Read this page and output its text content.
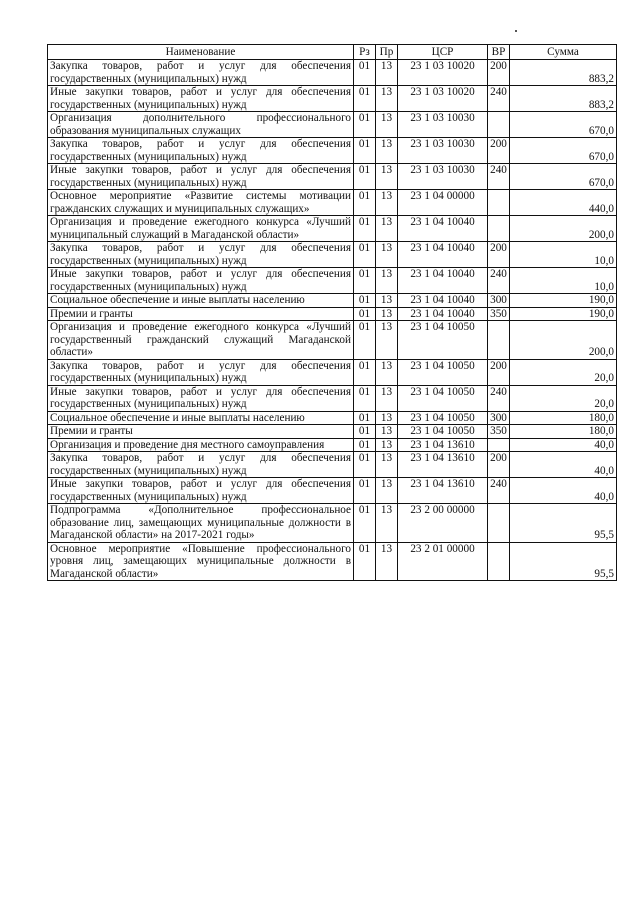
Наименование	Рз	Пр	ЦСР	ВР	Сумма
Закупка товаров, работ и услуг для обеспечения государственных (муниципальных) нужд	01	13	23 1 03 10020	200	883,2
Иные закупки товаров, работ и услуг для обеспечения государственных (муниципальных) нужд	01	13	23 1 03 10020	240	883,2
Организация дополнительного профессионального образования муниципальных служащих	01	13	23 1 03 10030		670,0
Закупка товаров, работ и услуг для обеспечения государственных (муниципальных) нужд	01	13	23 1 03 10030	200	670,0
Иные закупки товаров, работ и услуг для обеспечения государственных (муниципальных) нужд	01	13	23 1 03 10030	240	670,0
Основное мероприятие «Развитие системы мотивации гражданских служащих и муниципальных служащих»	01	13	23 1 04 00000		440,0
Организация и проведение ежегодного конкурса «Лучший муниципальный служащий в Магаданской области»	01	13	23 1 04 10040		200,0
Закупка товаров, работ и услуг для обеспечения государственных (муниципальных) нужд	01	13	23 1 04 10040	200	10,0
Иные закупки товаров, работ и услуг для обеспечения государственных (муниципальных) нужд	01	13	23 1 04 10040	240	10,0
Социальное обеспечение и иные выплаты населению	01	13	23 1 04 10040	300	190,0
Премии и гранты	01	13	23 1 04 10040	350	190,0
Организация и проведение ежегодного конкурса «Лучший государственный гражданский служащий Магаданской области»	01	13	23 1 04 10050		200,0
Закупка товаров, работ и услуг для обеспечения государственных (муниципальных) нужд	01	13	23 1 04 10050	200	20,0
Иные закупки товаров, работ и услуг для обеспечения государственных (муниципальных) нужд	01	13	23 1 04 10050	240	20,0
Социальное обеспечение и иные выплаты населению	01	13	23 1 04 10050	300	180,0
Премии и гранты	01	13	23 1 04 10050	350	180,0
Организация и проведение дня местного самоуправления	01	13	23 1 04 13610		40,0
Закупка товаров, работ и услуг для обеспечения государственных (муниципальных) нужд	01	13	23 1 04 13610	200	40,0
Иные закупки товаров, работ и услуг для обеспечения государственных (муниципальных) нужд	01	13	23 1 04 13610	240	40,0
Подпрограмма «Дополнительное профессиональное образование лиц, замещающих муниципальные должности в Магаданской области» на 2017-2021 годы»	01	13	23 2 00 00000		95,5
Основное мероприятие «Повышение профессионального уровня лиц, замещающих муниципальные должности в Магаданской области»	01	13	23 2 01 00000		95,5
